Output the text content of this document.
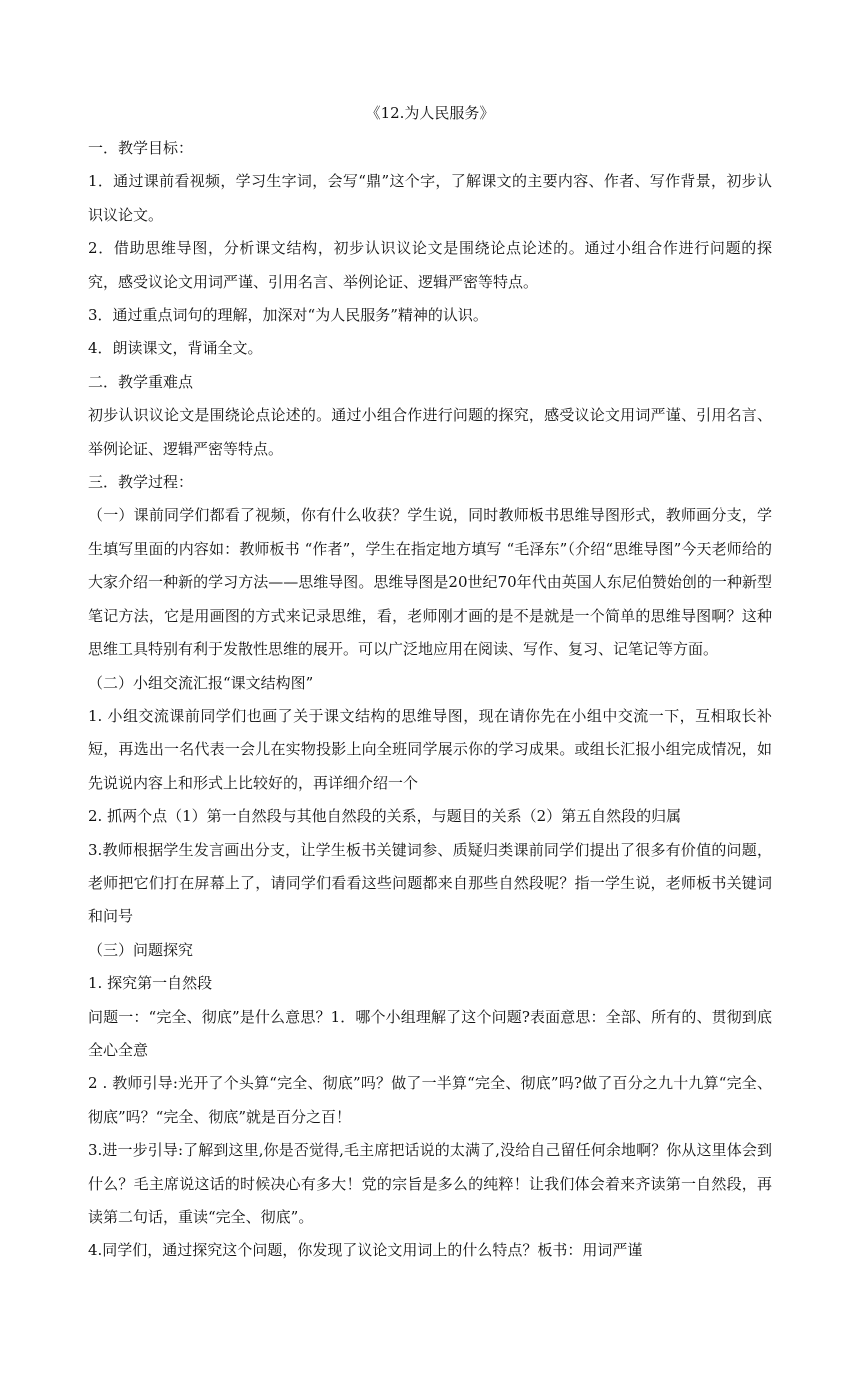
《12.为人民服务》

一．教学目标：

1．通过课前看视频，学习生字词，会写“鼎”这个字，了解课文的主要内容、作者、写作背景，初步认识议论文。

2．借助思维导图，分析课文结构，初步认识议论文是围绕论点论述的。通过小组合作进行问题的探究，感受议论文用词严谨、引用名言、举例论证、逻辑严密等特点。

3．通过重点词句的理解，加深对“为人民服务”精神的认识。

4．朗读课文，背诵全文。

二．教学重难点

初步认识议论文是围绕论点论述的。通过小组合作进行问题的探究，感受议论文用词严谨、引用名言、举例论证、逻辑严密等特点。

三．教学过程：

（一）课前同学们都看了视频，你有什么收获？学生说，同时教师板书思维导图形式，教师画分支，学生填写里面的内容如：教师板书 “作者”，学生在指定地方填写 “毛泽东”（介绍“思维导图”今天老师给的大家介绍一种新的学习方法——思维导图。思维导图是20世纪70年代由英国人东尼伯赞始创的一种新型笔记方法，它是用画图的方式来记录思维，看，老师刚才画的是不是就是一个简单的思维导图啊？这种思维工具特别有利于发散性思维的展开。可以广泛地应用在阅读、写作、复习、记笔记等方面。

（二）小组交流汇报“课文结构图”

1. 小组交流课前同学们也画了关于课文结构的思维导图，现在请你先在小组中交流一下，互相取长补短，再选出一名代表一会儿在实物投影上向全班同学展示你的学习成果。或组长汇报小组完成情况，如先说说内容上和形式上比较好的，再详细介绍一个

2. 抓两个点（1）第一自然段与其他自然段的关系，与题目的关系（2）第五自然段的归属

3.教师根据学生发言画出分支，让学生板书关键词参、质疑归类课前同学们提出了很多有价值的问题，老师把它们打在屏幕上了，请同学们看看这些问题都来自那些自然段呢？指一学生说，老师板书关键词和问号

（三）问题探究

1. 探究第一自然段

问题一：“完全、彻底”是什么意思？1．哪个小组理解了这个问题?表面意思：全部、所有的、贯彻到底全心全意

2 . 教师引导:光开了个头算“完全、彻底”吗？做了一半算“完全、彻底”吗?做了百分之九十九算“完全、彻底”吗？“完全、彻底”就是百分之百！

3.进一步引导:了解到这里,你是否觉得,毛主席把话说的太满了,没给自己留任何余地啊？你从这里体会到什么？毛主席说这话的时候决心有多大！党的宗旨是多么的纯粹！让我们体会着来齐读第一自然段，再读第二句话，重读“完全、彻底”。

4.同学们，通过探究这个问题，你发现了议论文用词上的什么特点？板书：用词严谨
